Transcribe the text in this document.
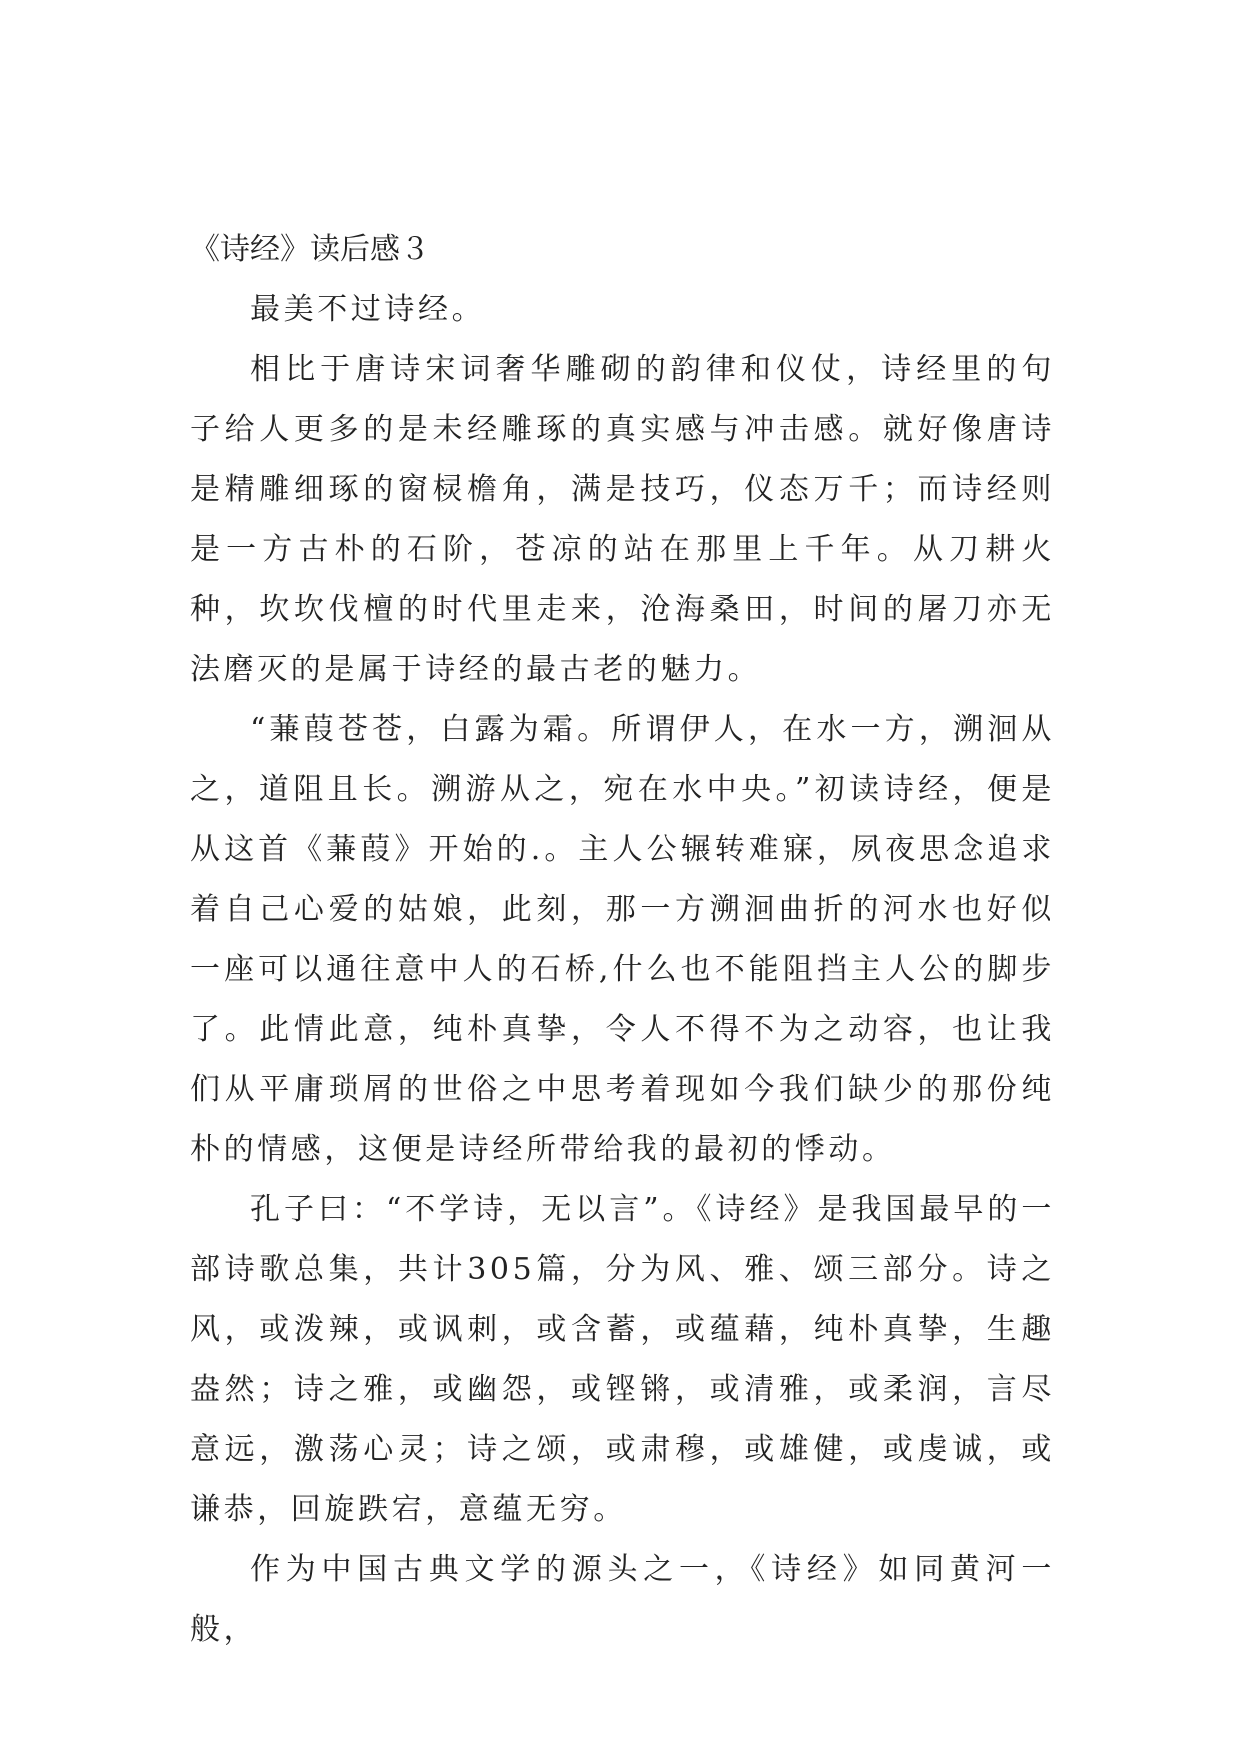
《诗经》读后感３

最美不过诗经。

相比于唐诗宋词奢华雕砌的韵律和仪仗，诗经里的句子给人更多的是未经雕琢的真实感与冲击感。就好像唐诗是精雕细琢的窗棂檐角，满是技巧，仪态万千；而诗经则是一方古朴的石阶，苍凉的站在那里上千年。从刀耕火种，坎坎伐檀的时代里走来，沧海桑田，时间的屠刀亦无法磨灭的是属于诗经的最古老的魅力。

“蒹葭苍苍，白露为霜。所谓伊人，在水一方，溯洄从之，道阻且长。溯游从之，宛在水中央。”初读诗经，便是从这首《蒹葭》开始的.。主人公辗转难寐，夙夜思念追求着自己心爱的姑娘，此刻，那一方溯洄曲折的河水也好似一座可以通往意中人的石桥,什么也不能阻挡主人公的脚步了。此情此意，纯朴真挚，令人不得不为之动容，也让我们从平庸琐屑的世俗之中思考着现如今我们缺少的那份纯朴的情感，这便是诗经所带给我的最初的悸动。

孔子曰：“不学诗，无以言”。《诗经》是我国最早的一部诗歌总集，共计305篇，分为风、雅、颂三部分。诗之风，或泼辣，或讽刺，或含蓄，或蕴藉，纯朴真挚，生趣盎然；诗之雅，或幽怨，或铿锵，或清雅，或柔润，言尽意远，激荡心灵；诗之颂，或肃穆，或雄健，或虔诚，或谦恭，回旋跌宕，意蕴无穷。

作为中国古典文学的源头之一，《诗经》如同黄河一般，
